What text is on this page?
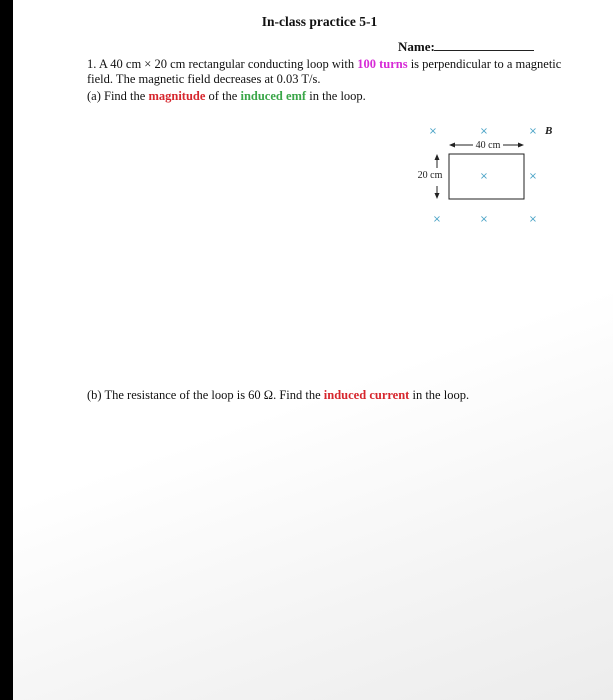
In-class practice 5-1
Name:
1. A 40 cm × 20 cm rectangular conducting loop with 100 turns is perpendicular to a magnetic field. The magnetic field decreases at 0.03 T/s.
(a) Find the magnitude of the induced emf in the loop.
×	×	× B⃗
40 cm
20 cm	×	×
×	×	×
(b) The resistance of the loop is 60 Ω. Find the induced current in the loop.
